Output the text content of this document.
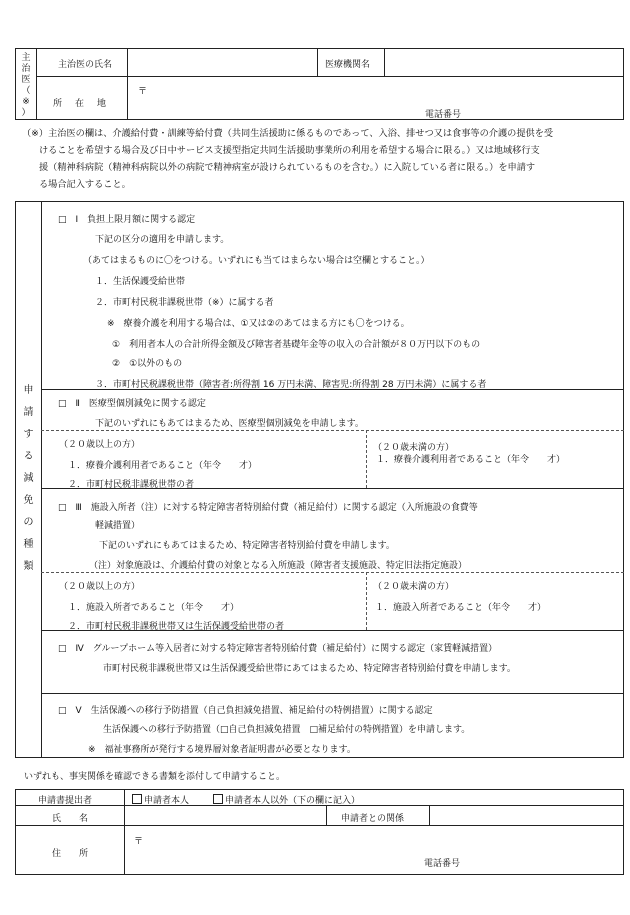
主
治
医
（
※
）
主治医の氏名	医療機関名
所　在　地
〒
電話番号

（※）主治医の欄は、介護給付費・訓練等給付費（共同生活援助に係るものであって、入浴、排せつ又は食事等の介護の提供を受

けることを希望する場合及び日中サービス支援型指定共同生活援助事業所の利用を希望する場合に限る。）又は地域移行支

援（精神科病院（精神科病院以外の病院で精神病室が設けられているものを含む。）に入院している者に限る。）を申請す

る場合記入すること。

申
請
す
る
減
免
の
種
類
□　Ⅰ　負担上限月額に関する認定
下記の区分の適用を申請します。
（あてはまるものに〇をつける。いずれにも当てはまらない場合は空欄とすること。）
１．生活保護受給世帯
２．市町村民税非課税世帯（※）に属する者
※　療養介護を利用する場合は、①又は②のあてはまる方にも〇をつける。
①　利用者本人の合計所得金額及び障害者基礎年金等の収入の合計額が８０万円以下のもの
②　①以外のもの
３．市町村民税課税世帯（障害者:所得割 16 万円未満、障害児:所得割 28 万円未満）に属する者
□　Ⅱ　医療型個別減免に関する認定
下記のいずれにもあてはまるため、医療型個別減免を申請します。
（２０歳以上の方）
１．療養介護利用者であること（年令　　才）
２．市町村民税非課税世帯の者
（２０歳未満の方）
１．療養介護利用者であること（年令　　才）
□　Ⅲ　施設入所者（注）に対する特定障害者特別給付費（補足給付）に関する認定（入所施設の食費等
軽減措置）
下記のいずれにもあてはまるため、特定障害者特別給付費を申請します。
（注）対象施設は、介護給付費の対象となる入所施設（障害者支援施設、特定旧法指定施設）
（２０歳以上の方）
１．施設入所者であること（年令　　才）
２．市町村民税非課税世帯又は生活保護受給世帯の者
（２０歳未満の方）
１．施設入所者であること（年令　　才）
□　Ⅳ　グループホーム等入居者に対する特定障害者特別給付費（補足給付）に関する認定（家賃軽減措置）
市町村民税非課税世帯又は生活保護受給世帯にあてはまるため、特定障害者特別給付費を申請します。
□　Ⅴ　生活保護への移行予防措置（自己負担減免措置、補足給付の特例措置）に関する認定
生活保護への移行予防措置（□自己負担減免措置　□補足給付の特例措置）を申請します。
※　福祉事務所が発行する境界層対象者証明書が必要となります。
いずれも、事実関係を確認できる書類を添付して申請すること。
申請書提出者	申請者本人	申請者本人以外（下の欄に記入）
氏　　名	申請者との関係
住　　所
〒
電話番号
